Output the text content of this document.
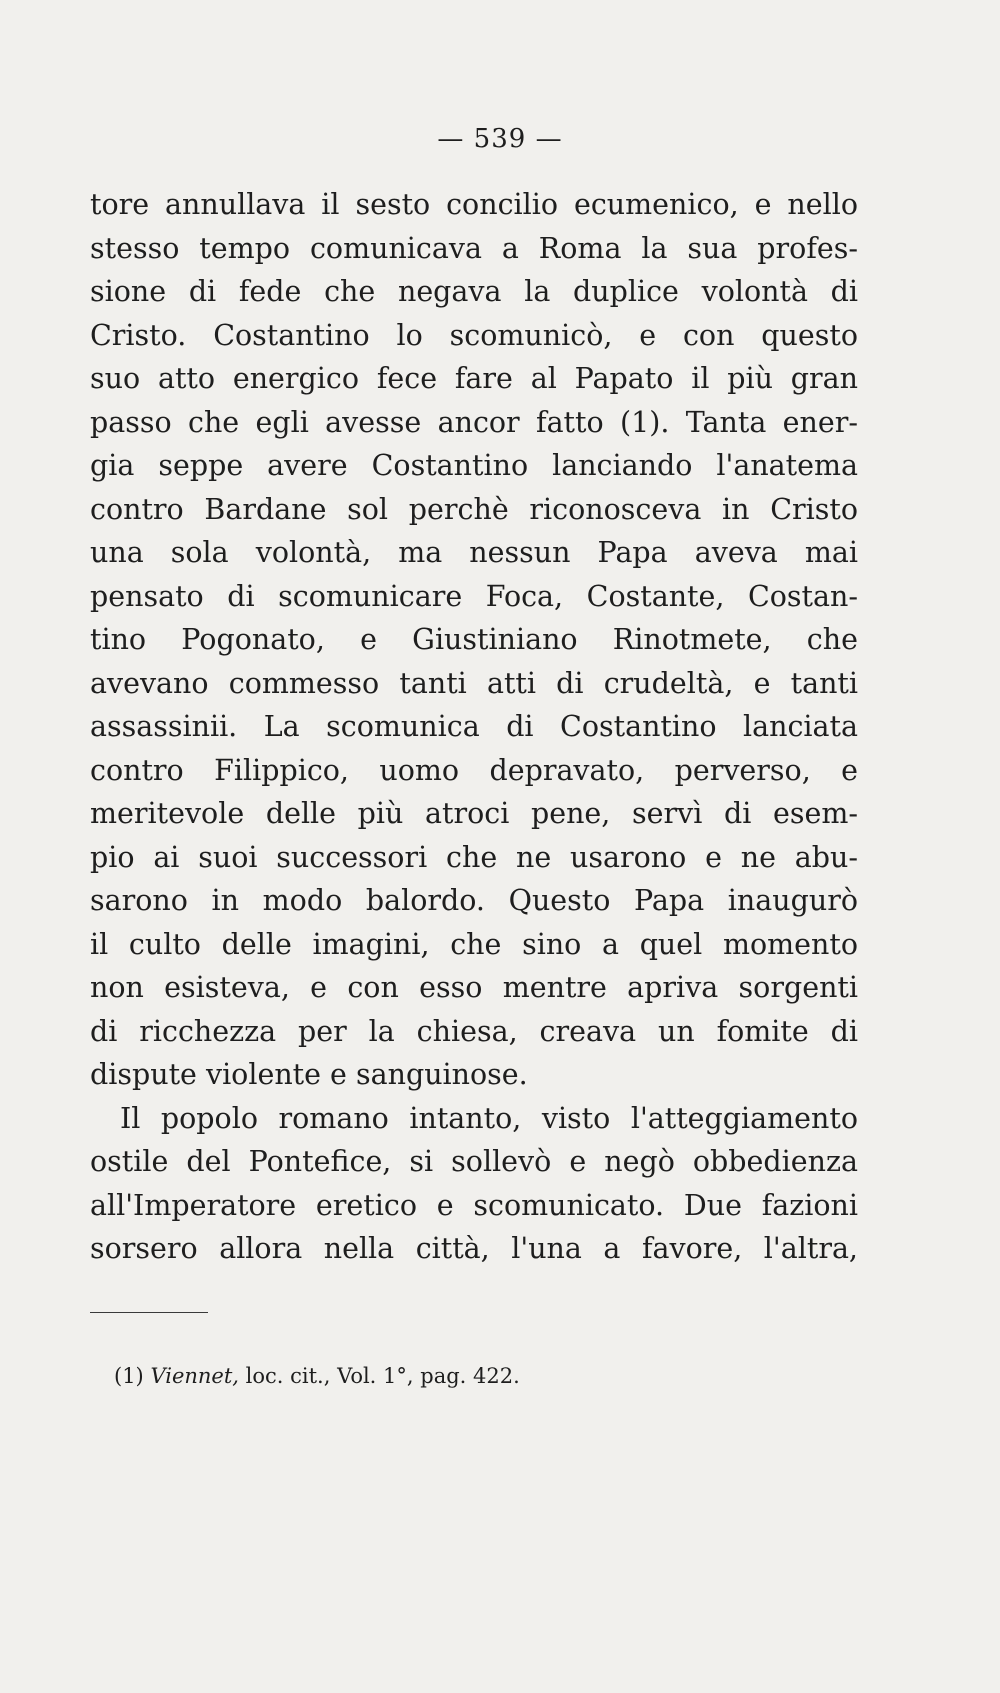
— 539 —
tore annullava il sesto concilio ecumenico, e nello
stesso tempo comunicava a Roma la sua profes-
sione di fede che negava la duplice volontà di
Cristo. Costantino lo scomunicò, e con questo
suo atto energico fece fare al Papato il più gran
passo che egli avesse ancor fatto (1). Tanta ener-
gia seppe avere Costantino lanciando l'anatema
contro Bardane sol perchè riconosceva in Cristo
una sola volontà, ma nessun Papa aveva mai
pensato di scomunicare Foca, Costante, Costan-
tino Pogonato, e Giustiniano Rinotmete, che
avevano commesso tanti atti di crudeltà, e tanti
assassinii. La scomunica di Costantino lanciata
contro Filippico, uomo depravato, perverso, e
meritevole delle più atroci pene, servì di esem-
pio ai suoi successori che ne usarono e ne abu-
sarono in modo balordo. Questo Papa inaugurò
il culto delle imagini, che sino a quel momento
non esisteva, e con esso mentre apriva sorgenti
di ricchezza per la chiesa, creava un fomite di
dispute violente e sanguinose.
Il popolo romano intanto, visto l'atteggiamento
ostile del Pontefice, si sollevò e negò obbedienza
all'Imperatore eretico e scomunicato. Due fazioni
sorsero allora nella città, l'una a favore, l'altra,
(1) Viennet, loc. cit., Vol. 1°, pag. 422.
